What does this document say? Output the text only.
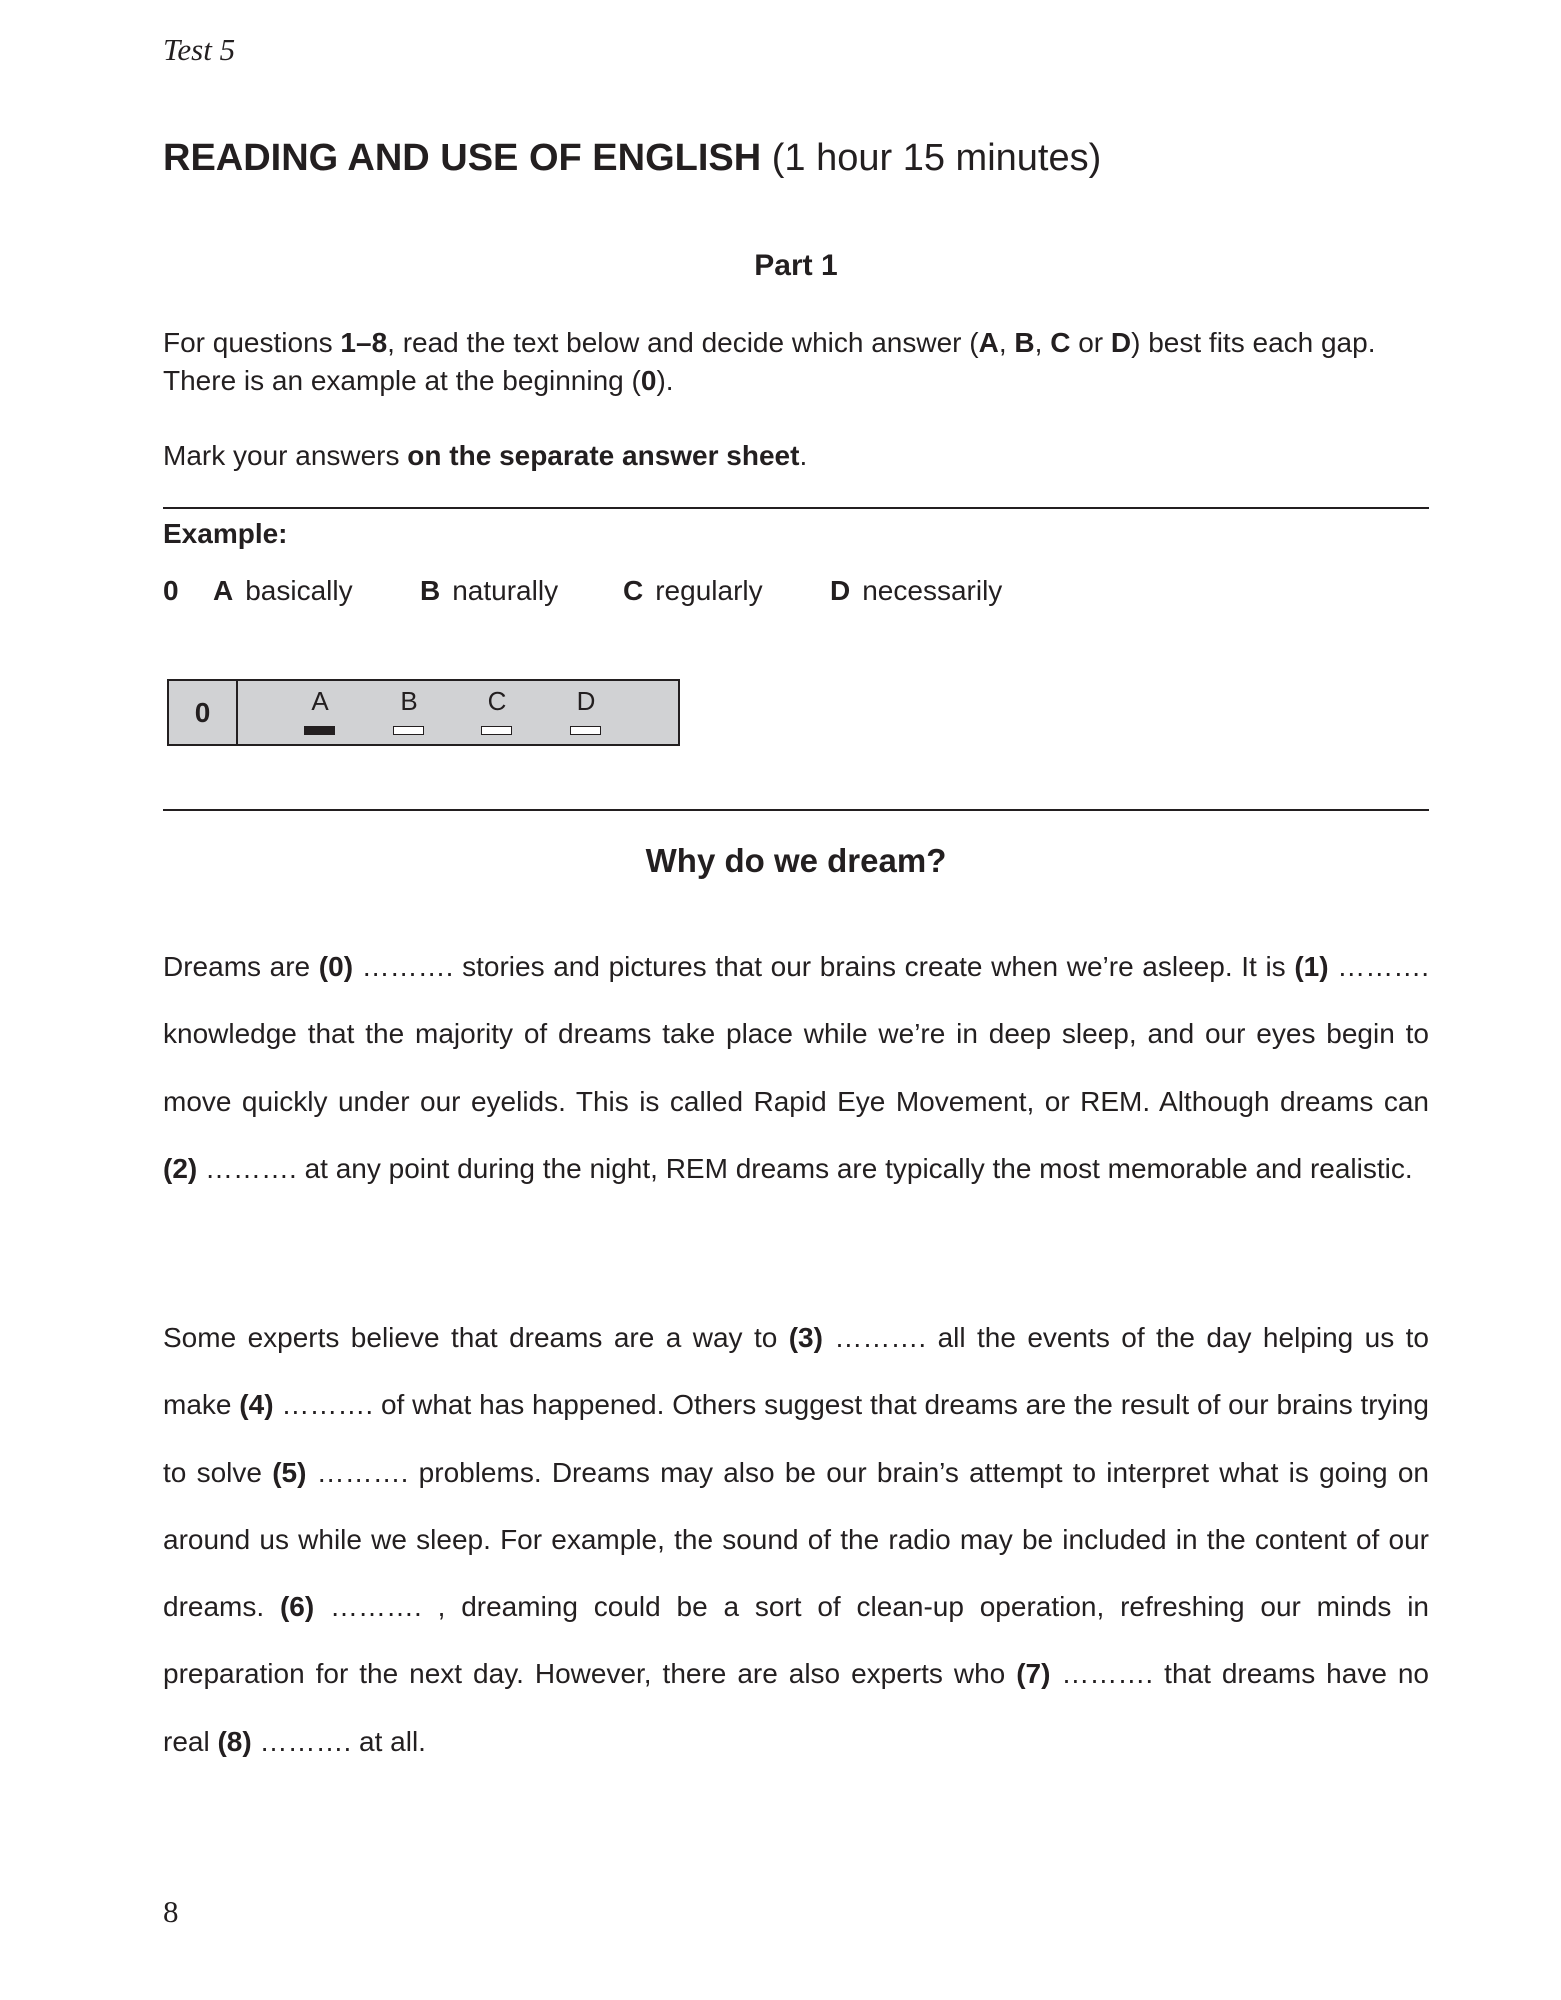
Test 5
READING AND USE OF ENGLISH (1 hour 15 minutes)
Part 1

For questions 1–8, read the text below and decide which answer (A, B, C or D) best fits each gap.
There is an example at the beginning (0).

Mark your answers on the separate answer sheet.

Example:
0	A basically B naturally C regularly D necessarily
0	A	B	C	D
Why do we dream?
Dreams are (0) ………. stories and pictures that our brains create when we’re asleep. It is (1) ………. knowledge that the majority of dreams take place while we’re in deep sleep, and our eyes begin to move quickly under our eyelids. This is called Rapid Eye Movement, or REM. Although dreams can (2) ………. at any point during the night, REM dreams are typically the most memorable and realistic.
Some experts believe that dreams are a way to (3) ………. all the events of the day helping us to make (4) ………. of what has happened. Others suggest that dreams are the result of our brains trying to solve (5) ………. problems. Dreams may also be our brain’s attempt to interpret what is going on around us while we sleep. For example, the sound of the radio may be included in the content of our dreams. (6) ………. , dreaming could be a sort of clean-up operation, refreshing our minds in preparation for the next day. However, there are also experts who (7) ………. that dreams have no real (8) ………. at all.
8
